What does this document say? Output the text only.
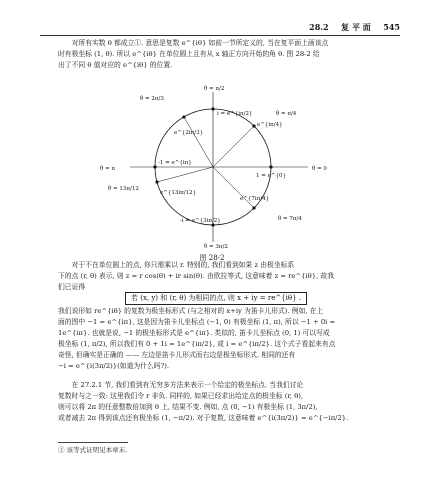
28.2 复 平 面 545
对所有实数 θ 都成立①. 意思是复数 e^{iθ} 如前一节所定义的, 当在复平面上画该点
时有极坐标 (1, θ). 所以 e^{iθ} 在单位圆上且有从 x 轴正方向开始的角 θ. 图 28-2 给
出了不同 θ 值对应的 e^{iθ} 的位置.
θ = π/2
θ = 2π/3
θ = π/4
i = e^{iπ/2}
e^{iπ/4}
e^{2iπ/3}
θ = 0
θ = π
-1 = e^{iπ}
1 = e^{0}
θ = 13π/12
e^{13iπ/12}
e^{7iπ/4}
θ = 7π/4
-i = e^{3iπ/2}
θ = 3π/2
图 28-2
对于不在单位圆上的点, 你只需乘以 r. 特别的, 我们看到如果 z 由极坐标系
下的点 (r, θ) 表示, 则 z = r cos(θ) + ir sin(θ). 由欧拉等式, 这意味着 z = re^{iθ}, 故我
们已证得
若 (x, y) 和 (r, θ) 为相同的点, 则 x + iy = re^{iθ} .
我们说形如 re^{iθ} 的复数为极坐标形式 (与之相对的 x+iy 为笛卡儿形式). 例如, 在上
面的图中 −1 = e^{iπ}, 这是因为笛卡儿坐标点 (−1, 0) 有极坐标 (1, π), 所以 −1 + 0i =
1e^{iπ}. 也就是说, −1 的极坐标形式是 e^{iπ}. 类似的, 笛卡儿坐标点 (0, 1) 可以写成
极坐标 (1, π/2), 所以我们有 0 + 1i = 1e^{iπ/2}, 或 i = e^{iπ/2}. 这个式子看起来有点
奇怪, 但确实是正确的 —— 左边是笛卡儿形式而右边是极坐标形式. 相同的还有
−i = e^{i(3π/2)}(如道为什么吗?).
在 27.2.1 节, 我们看到有无穷多方法来表示一个给定的极坐标点. 当我们讨论
复数时与之一致: 这里我们令 r 非负. 同样的, 如果已经求出给定点的极坐标 (r, θ),
则可以将 2π 的任意整数倍加到 θ 上, 结果不变. 例如, 点 (0, −1) 有极坐标 (1, 3π/2),
或者减去 2π 得到该点还有极坐标 (1, −π/2). 对于复数, 这意味着 e^{i(3π/2)} = e^{−iπ/2}.
① 该等式证明见本章末.
